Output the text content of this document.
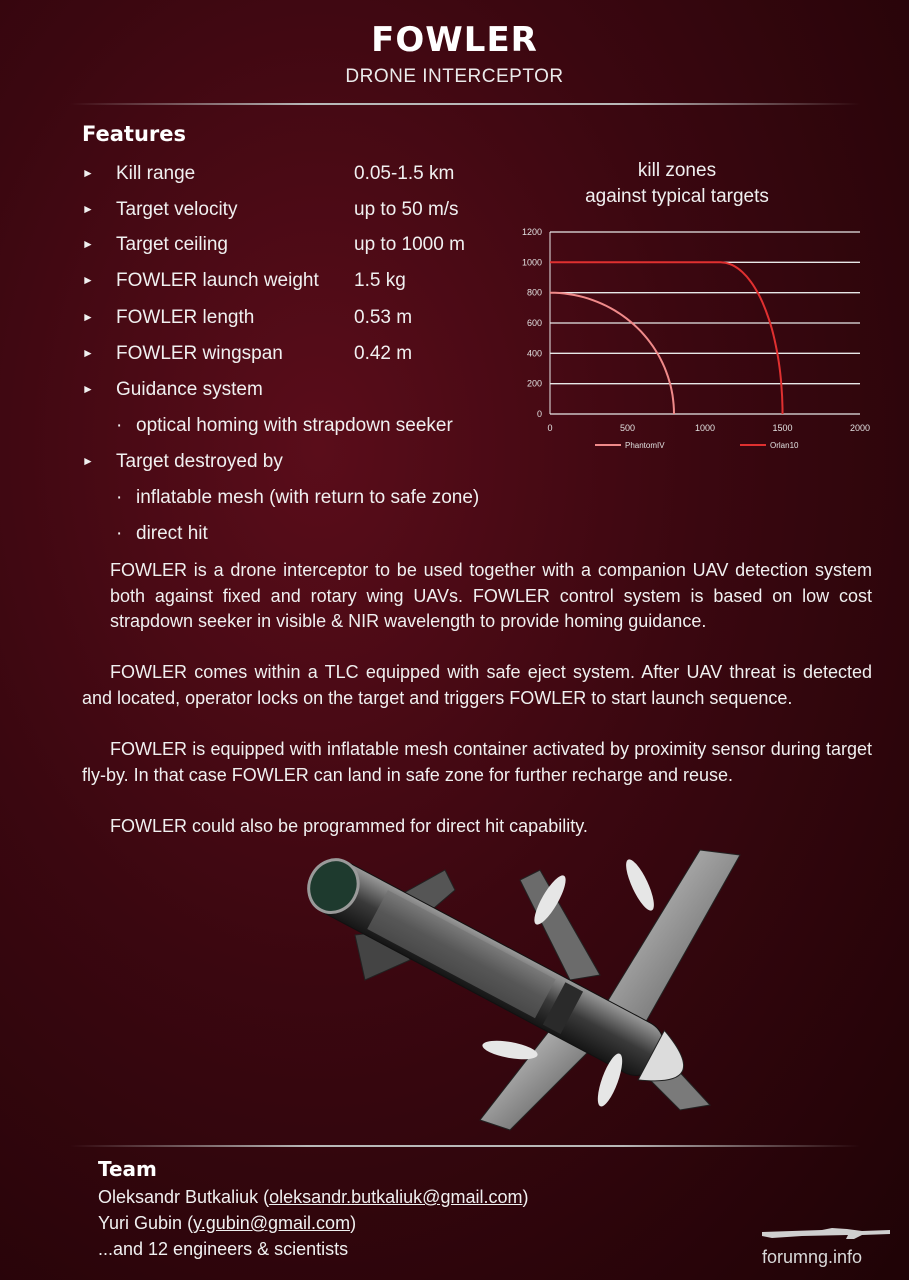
FOWLER
DRONE INTERCEPTOR
Features
► Kill range	0.05-1.5 km
► Target velocity	up to 50 m/s
► Target ceiling	up to 1000 m
► FOWLER launch weight 1.5 kg
► FOWLER length	0.53 m
► FOWLER wingspan	0.42 m
► Guidance system
· optical homing with strapdown seeker
► Target destroyed by
· inflatable mesh (with return to safe zone)
· direct hit
kill zones
against typical targets
0
200
400
600
800
1000
1200
0	500	1000	1500	2000
PhantomIV	Orlan10
FOWLER is a drone interceptor to be used together with a companion UAV detection system both against fixed and rotary wing UAVs. FOWLER control system is based on low cost strapdown seeker in visible & NIR wavelength to provide homing guidance.
FOWLER comes within a TLC equipped with safe eject system. After UAV threat is detected and located, operator locks on the target and triggers FOWLER to start launch sequence.
FOWLER is equipped with inflatable mesh container activated by proximity sensor during target fly-by. In that case FOWLER can land in safe zone for further recharge and reuse.
FOWLER could also be programmed for direct hit capability.
Team
Oleksandr Butkaliuk (oleksandr.butkaliuk@gmail.com)
Yuri Gubin (y.gubin@gmail.com)
...and 12 engineers & scientists	forumng.info
